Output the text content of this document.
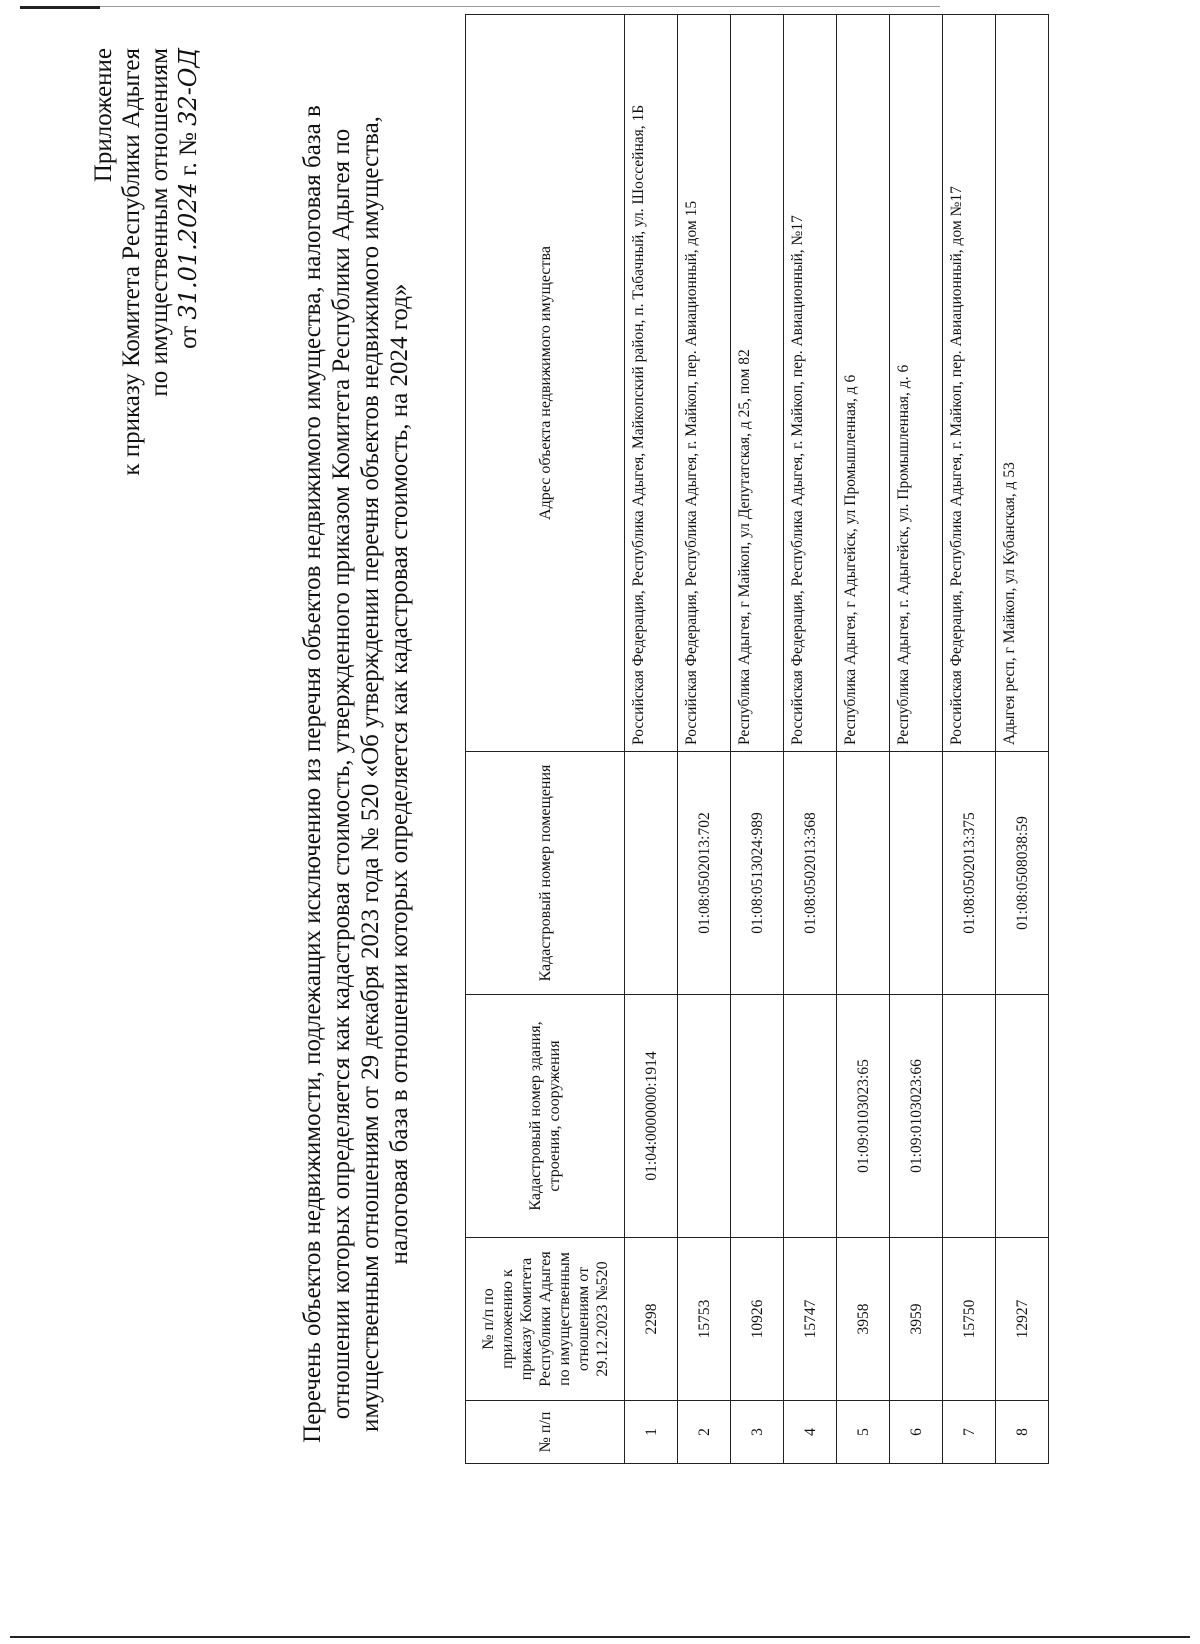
Приложение к приказу Комитета Республики Адыгея по имущественным отношениям от 31.01.2024 г. № 32-ОД
Перечень объектов недвижимости, подлежащих исключению из перечня объектов недвижимого имущества, налоговая база в отношении которых определяется как кадастровая стоимость, утвержденного приказом Комитета Республики Адыгея по имущественным отношениям от 29 декабря 2023 года № 520 «Об утверждении перечня объектов недвижимого имущества, налоговая база в отношении которых определяется как кадастровая стоимость, на 2024 год»
№ п/п	№ п/п по приложению к приказу Комитета Республики Адыгея по имущественным отношениям от 29.12.2023 №520	Кадастровый номер здания, строения, сооружения	Кадастровый номер помещения	Адрес объекта недвижимого имущества
1	2298	01:04:0000000:1914		Российская Федерация, Республика Адыгея, Майкопский район, п. Табачный, ул. Шоссейная, 1Б
2	15753		01:08:0502013:702	Российская Федерация, Республика Адыгея, г. Майкоп, пер. Авиационный, дом 15
3	10926		01:08:0513024:989	Республика Адыгея, г Майкоп, ул Депутатская, д 25, пом 82
4	15747		01:08:0502013:368	Российская Федерация, Республика Адыгея, г. Майкоп, пер. Авиационный, №17
5	3958	01:09:0103023:65		Республика Адыгея, г Адыгейск, ул Промышленная, д 6
6	3959	01:09:0103023:66		Республика Адыгея, г. Адыгейск, ул. Промышленная, д. 6
7	15750		01:08:0502013:375	Российская Федерация, Республика Адыгея, г. Майкоп, пер. Авиационный, дом №17
8	12927		01:08:0508038:59	Адыгея респ, г Майкоп, ул Кубанская, д 53
